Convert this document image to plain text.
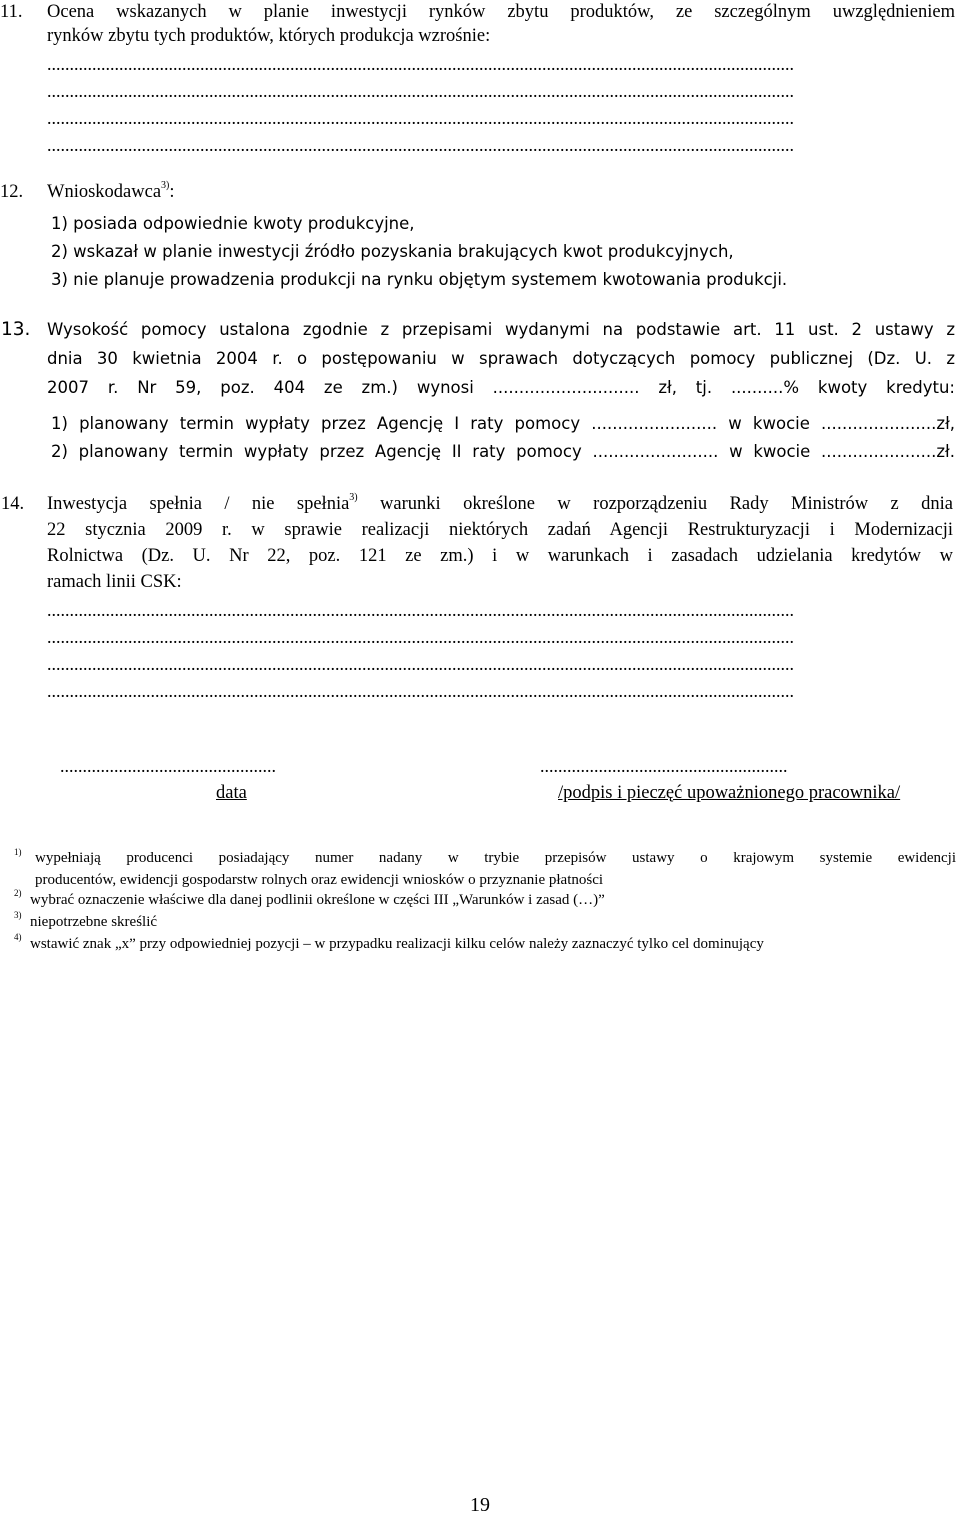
11. Ocena wskazanych w planie inwestycji rynków zbytu produktów, ze szczególnym uwzględnieniem
rynków zbytu tych produktów, których produkcja wzrośnie:
......................................................................................................................................................................
......................................................................................................................................................................
......................................................................................................................................................................
......................................................................................................................................................................
12. Wnioskodawca$^{3)}$:
1) posiada odpowiednie kwoty produkcyjne,
2) wskazał w planie inwestycji źródło pozyskania brakujących kwot produkcyjnych,
3) nie planuje prowadzenia produkcji na rynku objętym systemem kwotowania produkcji.
13. Wysokość pomocy ustalona zgodnie z przepisami wydanymi na podstawie art. 11 ust. 2 ustawy z
dnia 30 kwietnia 2004 r. o postępowaniu w sprawach dotyczących pomocy publicznej (Dz. U. z
2007 r. Nr 59, poz. 404 ze zm.) wynosi ............................ zł, tj. ..........% kwoty kredytu:
1) planowany termin wypłaty przez Agencję I raty pomocy ........................ w kwocie ......................zł,
2) planowany termin wypłaty przez Agencję II raty pomocy ........................ w kwocie ......................zł.
14. Inwestycja spełnia / nie spełnia$^{3)}$ warunki określone w rozporządzeniu Rady Ministrów z dnia
22 stycznia 2009 r. w sprawie realizacji niektórych zadań Agencji Restrukturyzacji i Modernizacji
Rolnictwa (Dz. U. Nr 22, poz. 121 ze zm.) i w warunkach i zasadach udzielania kredytów w
ramach linii CSK:
......................................................................................................................................................................
......................................................................................................................................................................
......................................................................................................................................................................
......................................................................................................................................................................
................................................	.......................................................
data	/podpis i pieczęć upoważnionego pracownika/
1) wypełniają producenci posiadający numer nadany w trybie przepisów ustawy o krajowym systemie ewidencji
producentów, ewidencji gospodarstw rolnych oraz ewidencji wniosków o przyznanie płatności
2) wybrać oznaczenie właściwe dla danej podlinii określone w części III „Warunków i zasad (…)”
3) niepotrzebne skreślić
4) wstawić znak „x” przy odpowiedniej pozycji – w przypadku realizacji kilku celów należy zaznaczyć tylko cel dominujący
19
